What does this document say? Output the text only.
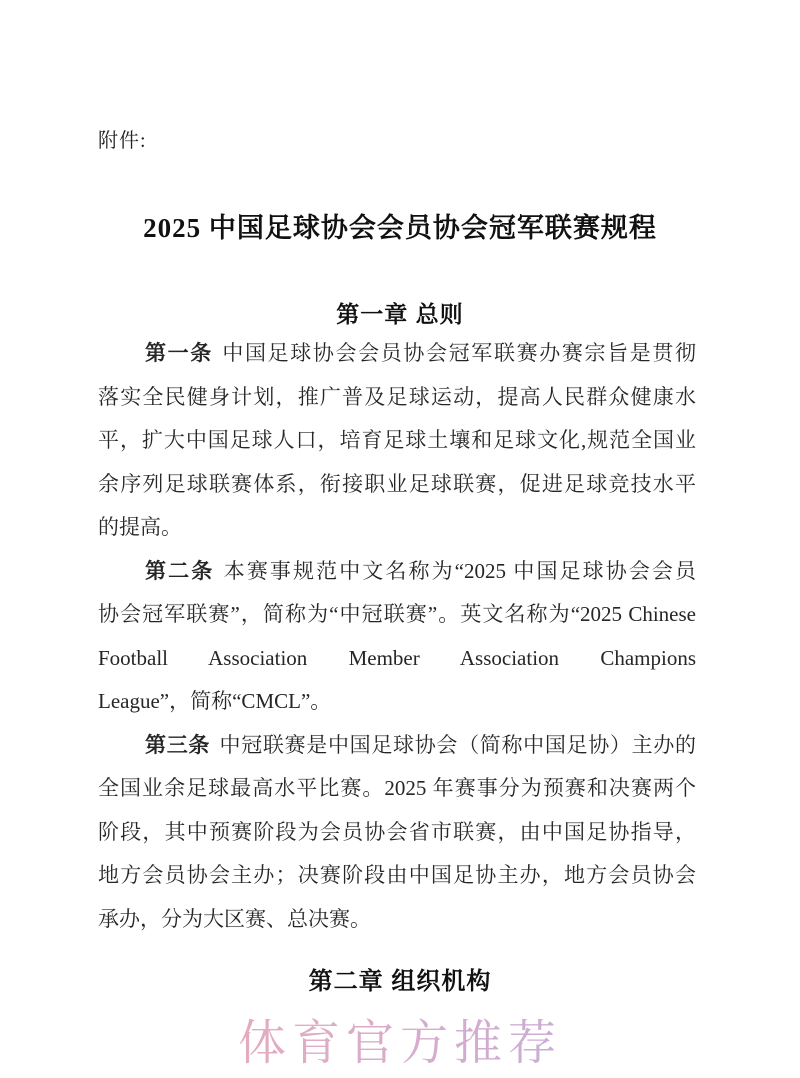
附件:
2025 中国足球协会会员协会冠军联赛规程
第一章 总则

第一条 中国足球协会会员协会冠军联赛办赛宗旨是贯彻
落实全民健身计划，推广普及足球运动，提高人民群众健康水
平，扩大中国足球人口，培育足球土壤和足球文化,规范全国业
余序列足球联赛体系，衔接职业足球联赛，促进足球竞技水平
的提高。

第二条 本赛事规范中文名称为“2025 中国足球协会会员
协会冠军联赛”，简称为“中冠联赛”。英文名称为“2025 Chinese
Football Association Member Association Champions
League”，简称“CMCL”。

第三条 中冠联赛是中国足球协会（简称中国足协）主办的
全国业余足球最高水平比赛。2025 年赛事分为预赛和决赛两个
阶段，其中预赛阶段为会员协会省市联赛，由中国足协指导，
地方会员协会主办；决赛阶段由中国足协主办，地方会员协会
承办，分为大区赛、总决赛。

第二章 组织机构
体育官方推荐
